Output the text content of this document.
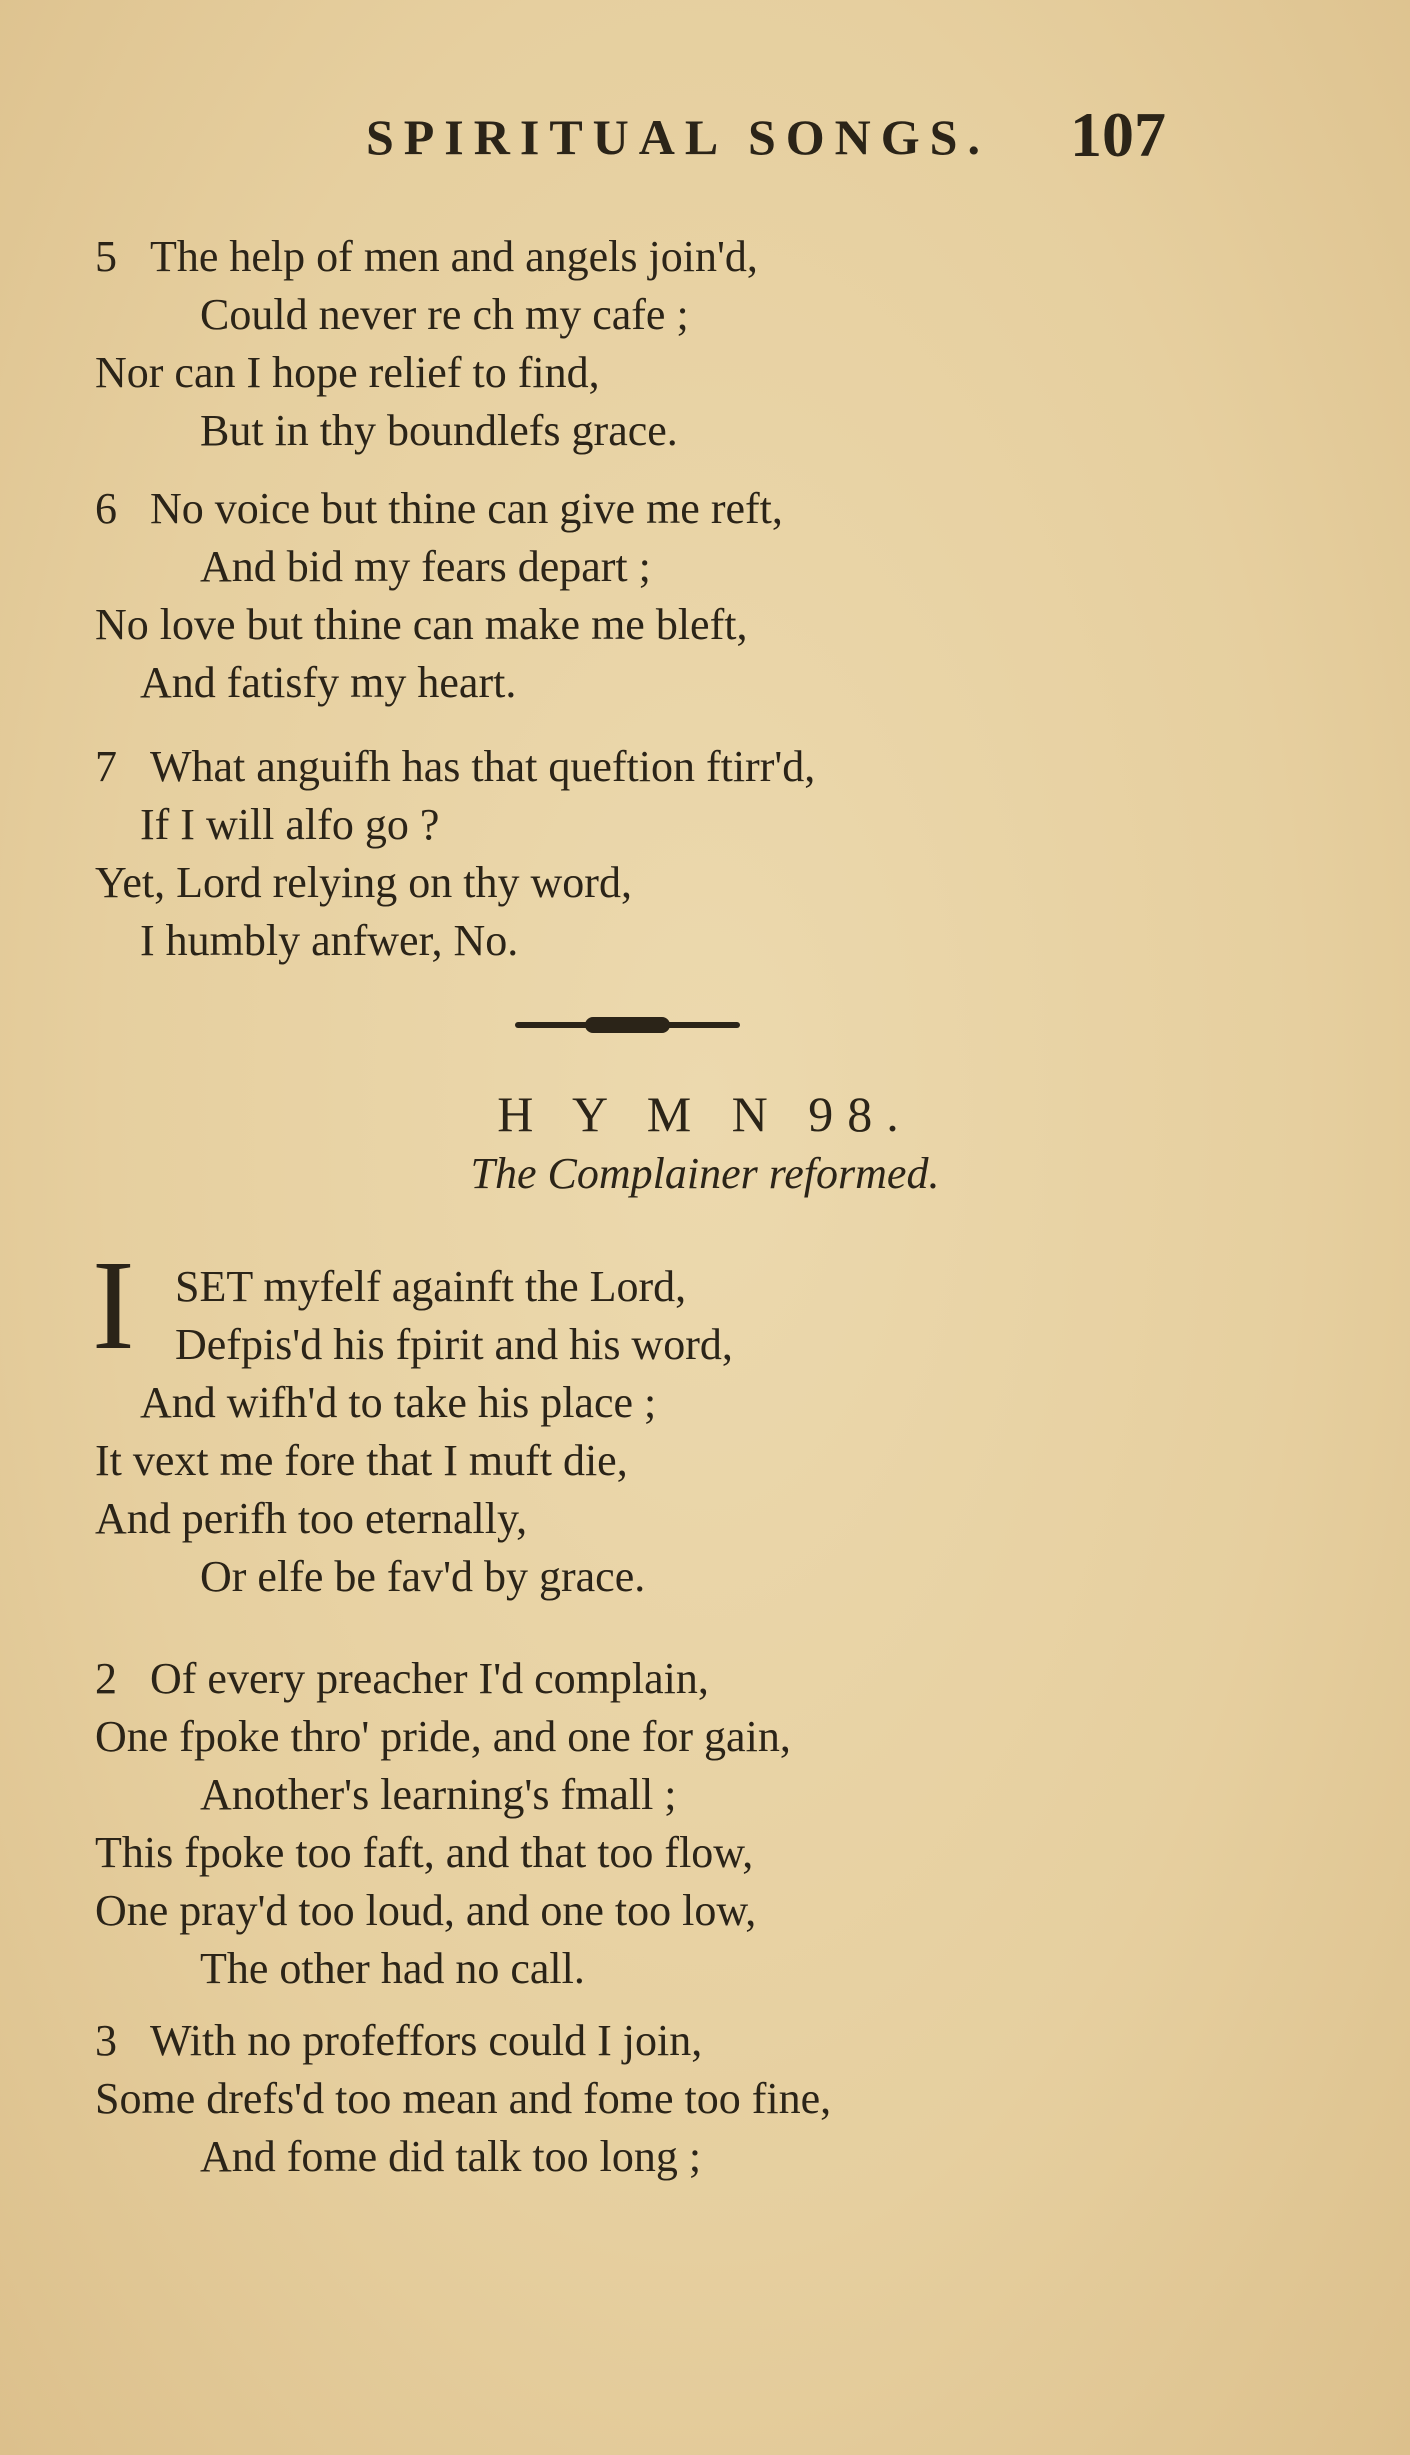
SPIRITUAL SONGS. 107
5 The help of men and angels join'd,
Could never re ch my cafe ;
Nor can I hope relief to find,
But in thy boundlefs grace.
6 No voice but thine can give me reft,
And bid my fears depart ;
No love but thine can make me bleft,
And fatisfy my heart.
7 What anguifh has that queftion ftirr'd,
If I will alfo go ?
Yet, Lord relying on thy word,
I humbly anfwer, No.
H Y M N 98.
The Complainer reformed.
I SET myfelf againft the Lord,
Defpis'd his fpirit and his word,
And wifh'd to take his place ;
It vext me fore that I muft die,
And perifh too eternally,
Or elfe be fav'd by grace.
2 Of every preacher I'd complain,
One fpoke thro' pride, and one for gain,
Another's learning's fmall ;
This fpoke too faft, and that too flow,
One pray'd too loud, and one too low,
The other had no call.
3 With no profeffors could I join,
Some drefs'd too mean and fome too fine,
And fome did talk too long ;
